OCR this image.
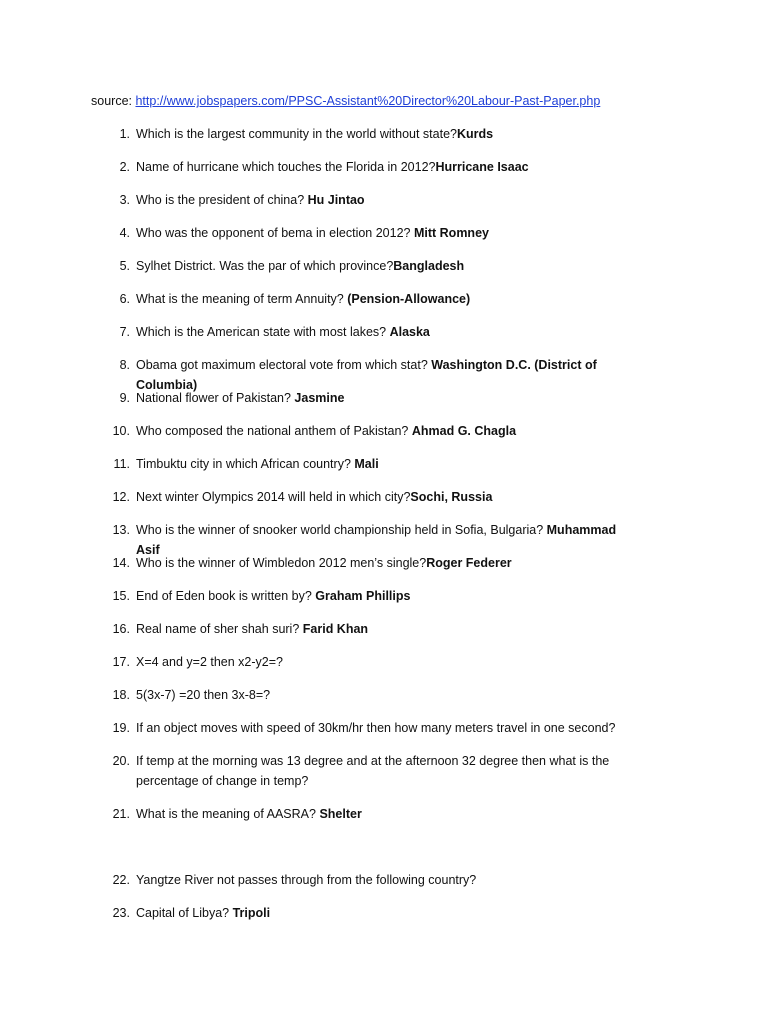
source: http://www.jobspapers.com/PPSC-Assistant%20Director%20Labour-Past-Paper.php
1. Which is the largest community in the world without state?Kurds
2. Name of hurricane which touches the Florida in 2012?Hurricane Isaac
3. Who is the president of china? Hu Jintao
4. Who was the opponent of bema in election 2012? Mitt Romney
5. Sylhet District. Was the par of which province?Bangladesh
6. What is the meaning of term Annuity? (Pension-Allowance)
7. Which is the American state with most lakes? Alaska
8. Obama got maximum electoral vote from which stat? Washington D.C. (District of Columbia)
9. National flower of Pakistan? Jasmine
10. Who composed the national anthem of Pakistan? Ahmad G. Chagla
11. Timbuktu city in which African country? Mali
12. Next winter Olympics 2014 will held in which city?Sochi, Russia
13. Who is the winner of snooker world championship held in Sofia, Bulgaria? Muhammad Asif
14. Who is the winner of Wimbledon 2012 men’s single?Roger Federer
15. End of Eden book is written by? Graham Phillips
16. Real name of sher shah suri? Farid Khan
17. X=4 and y=2 then x2-y2=?
18. 5(3x-7) =20 then 3x-8=?
19. If an object moves with speed of 30km/hr then how many meters travel in one second?
20. If temp at the morning was 13 degree and at the afternoon 32 degree then what is the percentage of change in temp?
21. What is the meaning of AASRA? Shelter
22. Yangtze River not passes through from the following country?
23. Capital of Libya? Tripoli
